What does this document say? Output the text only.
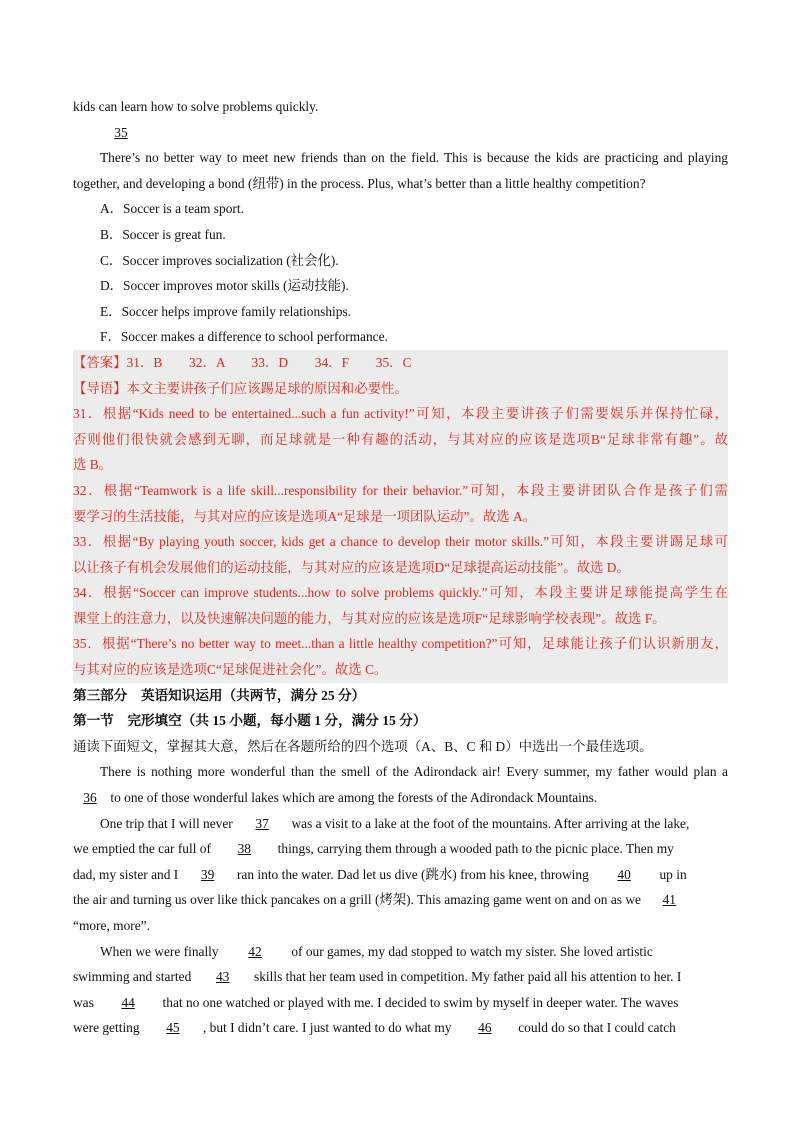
kids can learn how to solve problems quickly.
35
There’s no better way to meet new friends than on the field. This is because the kids are practicing and playing
together, and developing a bond (纽带) in the process. Plus, what’s better than a little healthy competition?
A．Soccer is a team sport.
B．Soccer is great fun.
C．Soccer improves socialization (社会化).
D．Soccer improves motor skills (运动技能).
E．Soccer helps improve family relationships.
F．Soccer makes a difference to school performance.
【答案】31．B　　32．A　　33．D　　34．F　　35．C
【导语】本文主要讲孩子们应该踢足球的原因和必要性。
31．根据“Kids need to be entertained...such a fun activity!”可知，本段主要讲孩子们需要娱乐并保持忙碌，
否则他们很快就会感到无聊，而足球就是一种有趣的活动，与其对应的应该是选项B“足球非常有趣”。故
选 B。
32．根据“Teamwork is a life skill...responsibility for their behavior.”可知，本段主要讲团队合作是孩子们需
要学习的生活技能，与其对应的应该是选项A“足球是一项团队运动”。故选 A。
33．根据“By playing youth soccer, kids get a chance to develop their motor skills.”可知，本段主要讲踢足球可
以让孩子有机会发展他们的运动技能，与其对应的应该是选项D“足球提高运动技能”。故选 D。
34．根据“Soccer can improve students...how to solve problems quickly.”可知，本段主要讲足球能提高学生在
课堂上的注意力，以及快速解决问题的能力，与其对应的应该是选项F“足球影响学校表现”。故选 F。
35．根据“There’s no better way to meet...than a little healthy competition?”可知，足球能让孩子们认识新朋友，
与其对应的应该是选项C“足球促进社会化”。故选 C。
第三部分　英语知识运用（共两节，满分 25 分）
第一节　完形填空（共 15 小题，每小题 1 分，满分 15 分）
通读下面短文，掌握其大意，然后在各题所给的四个选项（A、B、C 和 D）中选出一个最佳选项。
There is nothing more wonderful than the smell of the Adirondack air! Every summer, my father would plan a
36 to one of those wonderful lakes which are among the forests of the Adirondack Mountains.
One trip that I will never 37 was a visit to a lake at the foot of the mountains. After arriving at the lake,
we emptied the car full of 38 things, carrying them through a wooded path to the picnic place. Then my
dad, my sister and I 39 ran into the water. Dad let us dive (跳水) from his knee, throwing 40 up in
the air and turning us over like thick pancakes on a grill (烤架). This amazing game went on and on as we 41
“more, more”.
When we were finally 42 of our games, my dad stopped to watch my sister. She loved artistic
swimming and started 43 skills that her team used in competition. My father paid all his attention to her. I
was 44 that no one watched or played with me. I decided to swim by myself in deeper water. The waves
were getting 45 , but I didn’t care. I just wanted to do what my 46 could do so that I could catch
